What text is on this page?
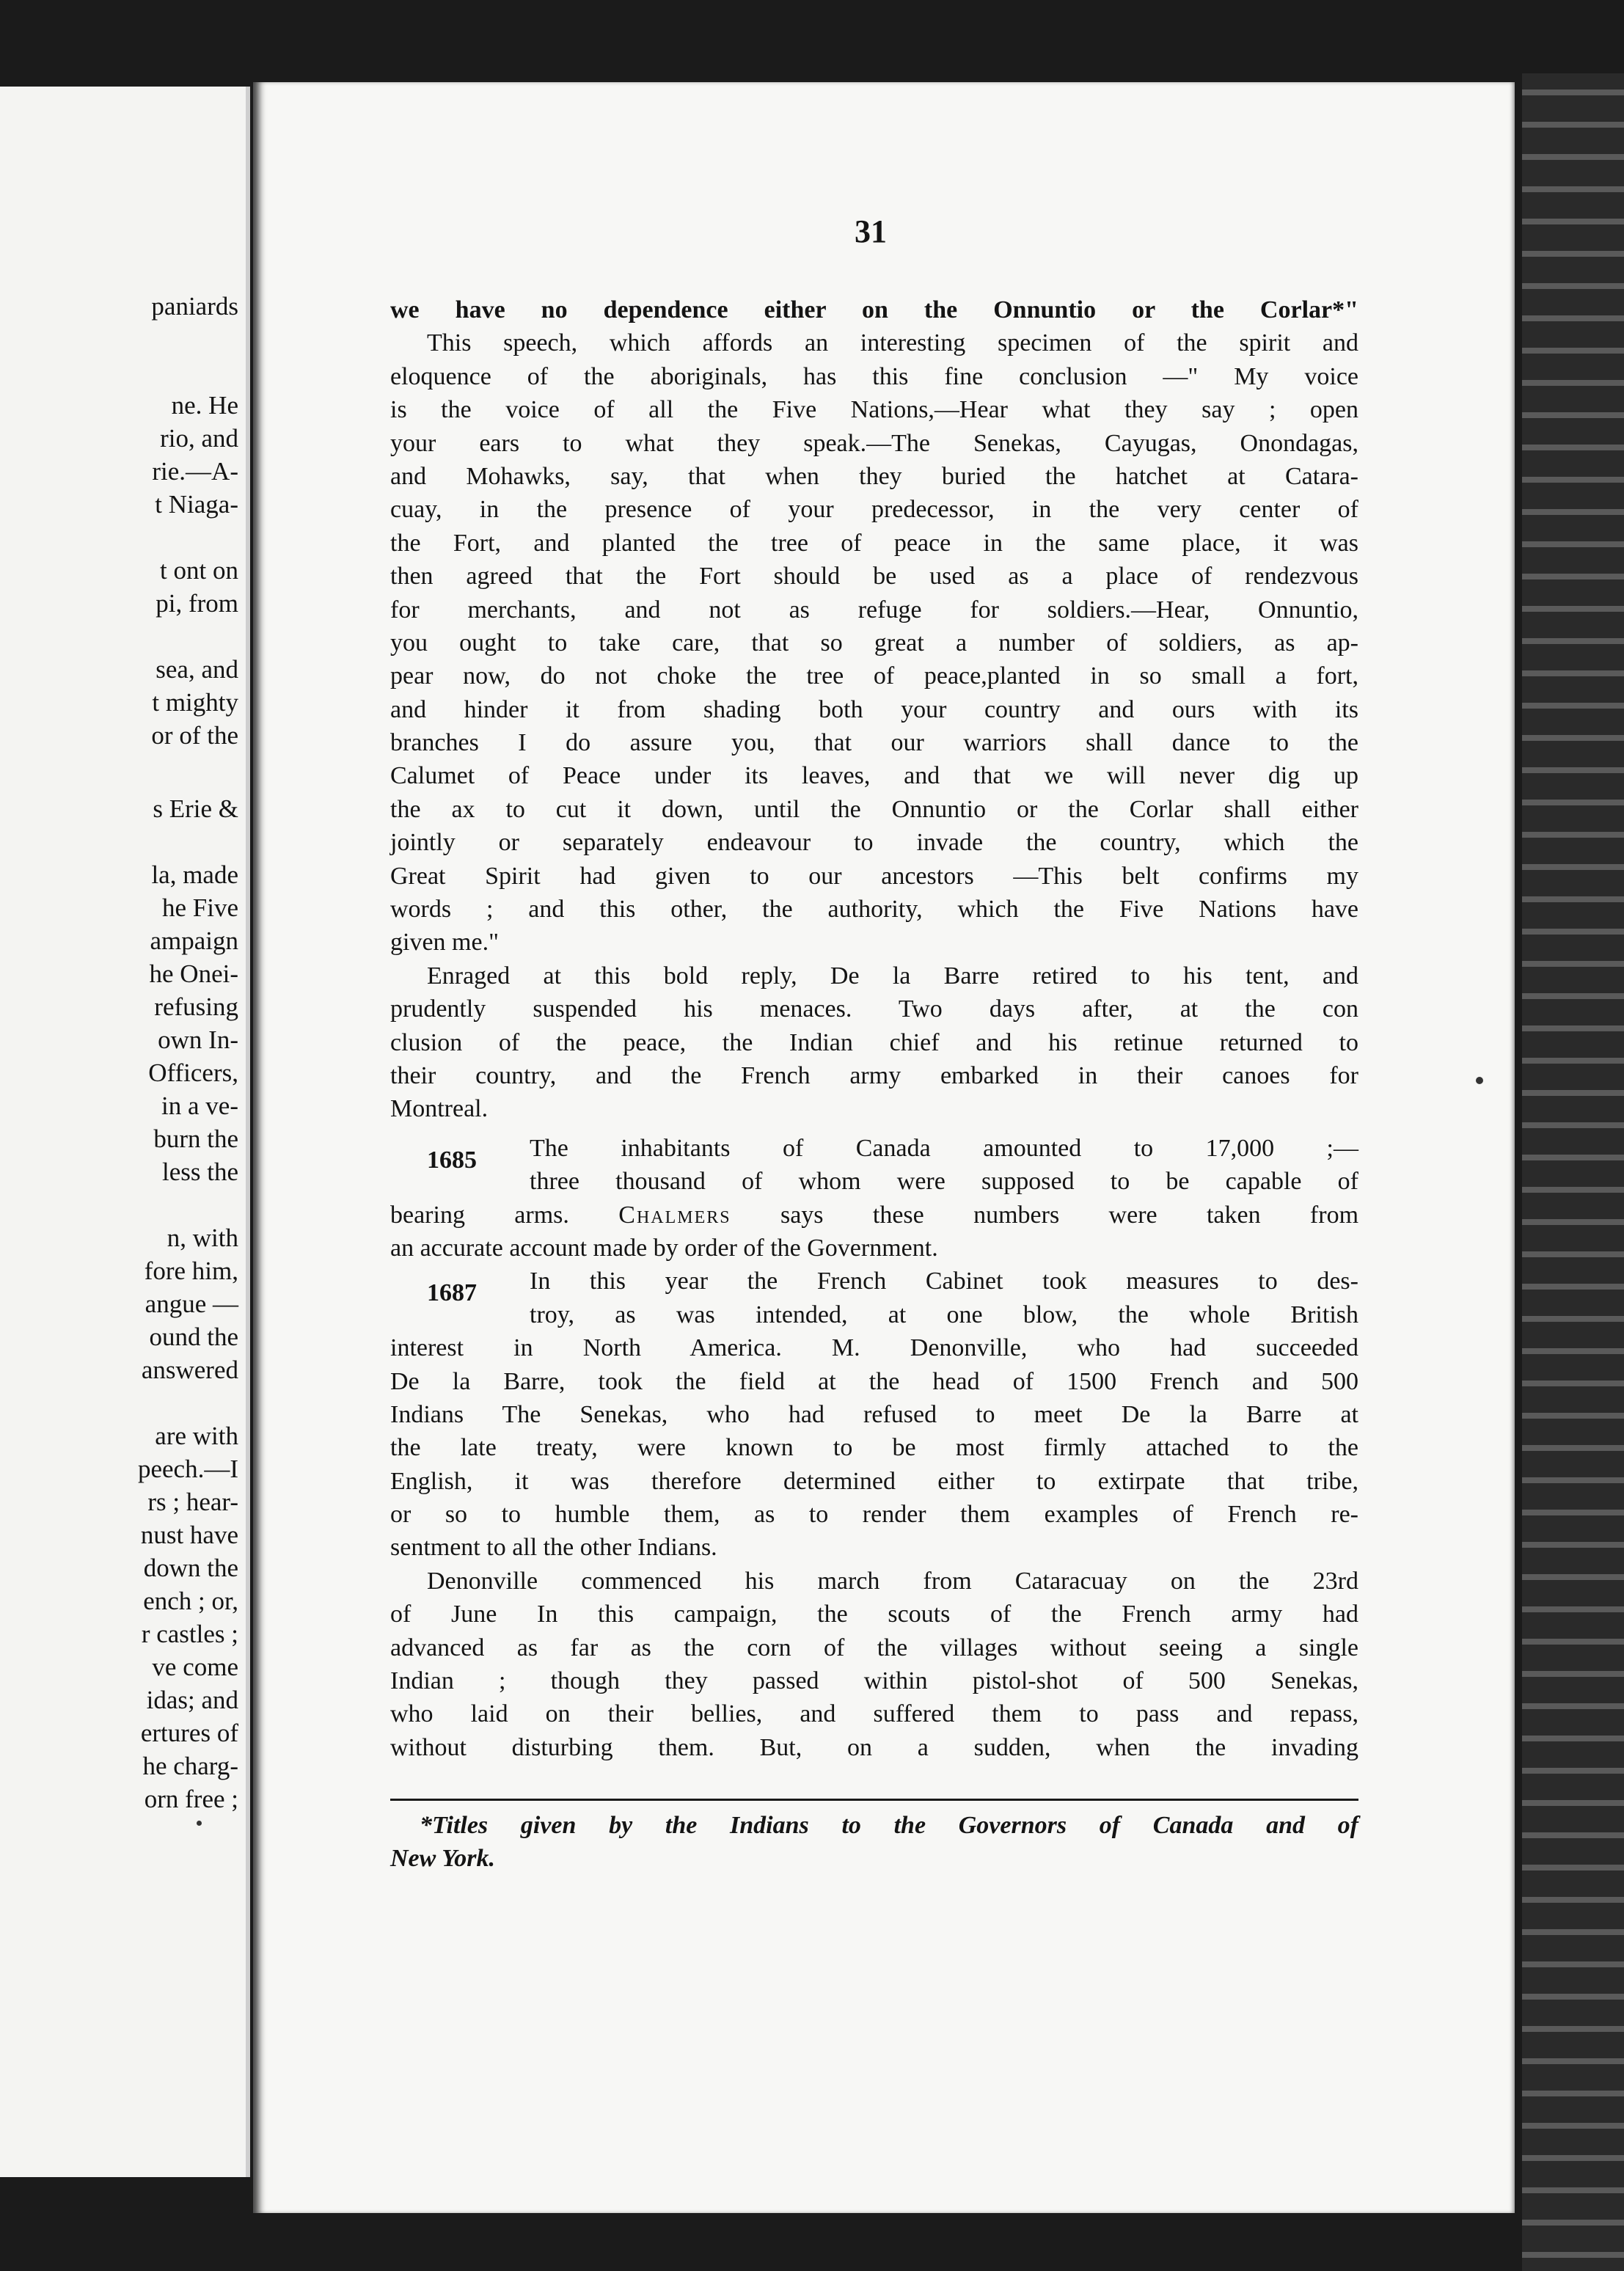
paniards
ne. He
rio, and
rie.—A-
t Niaga-
t ont on
pi, from
sea, and
t mighty
or of the
s Erie &
la, made
he Five
ampaign
he Onei-
refusing
own In-
Officers,
in a ve-
burn the
less the
n, with
fore him,
angue —
ound the
answered
are with
peech.—I
rs ; hear-
nust have
down the
ench ; or,
r castles ;
ve come
idas; and
ertures of
he charg-
orn free ;
31
we have no dependence either on the Onnuntio or the Corlar*"
This speech, which affords an interesting specimen of the spirit and
eloquence of the aboriginals, has this fine conclusion —" My voice
is the voice of all the Five Nations,—Hear what they say ; open
your ears to what they speak.—The Senekas, Cayugas, Onondagas,
and Mohawks, say, that when they buried the hatchet at Catara-
cuay, in the presence of your predecessor, in the very center of
the Fort, and planted the tree of peace in the same place, it was
then agreed that the Fort should be used as a place of rendezvous
for merchants, and not as refuge for soldiers.—Hear, Onnuntio,
you ought to take care, that so great a number of soldiers, as ap-
pear now, do not choke the tree of peace,planted in so small a fort,
and hinder it from shading both your country and ours with its
branches I do assure you, that our warriors shall dance to the
Calumet of Peace under its leaves, and that we will never dig up
the ax to cut it down, until the Onnuntio or the Corlar shall either
jointly or separately endeavour to invade the country, which the
Great Spirit had given to our ancestors —This belt confirms my
words ; and this other, the authority, which the Five Nations have
given me."
Enraged at this bold reply, De la Barre retired to his tent, and
prudently suspended his menaces. Two days after, at the con
clusion of the peace, the Indian chief and his retinue returned to
their country, and the French army embarked in their canoes for
Montreal.
1685 The inhabitants of Canada amounted to 17,000 ;—
three thousand of whom were supposed to be capable of
bearing arms. Chalmers says these numbers were taken from
an accurate account made by order of the Government.
1687 In this year the French Cabinet took measures to des-
troy, as was intended, at one blow, the whole British
interest in North America. M. Denonville, who had succeeded
De la Barre, took the field at the head of 1500 French and 500
Indians The Senekas, who had refused to meet De la Barre at
the late treaty, were known to be most firmly attached to the
English, it was therefore determined either to extirpate that tribe,
or so to humble them, as to render them examples of French re-
sentment to all the other Indians.
Denonville commenced his march from Cataracuay on the 23rd
of June In this campaign, the scouts of the French army had
advanced as far as the corn of the villages without seeing a single
Indian ; though they passed within pistol-shot of 500 Senekas,
who laid on their bellies, and suffered them to pass and repass,
without disturbing them. But, on a sudden, when the invading
*Titles given by the Indians to the Governors of Canada and of
New York.
